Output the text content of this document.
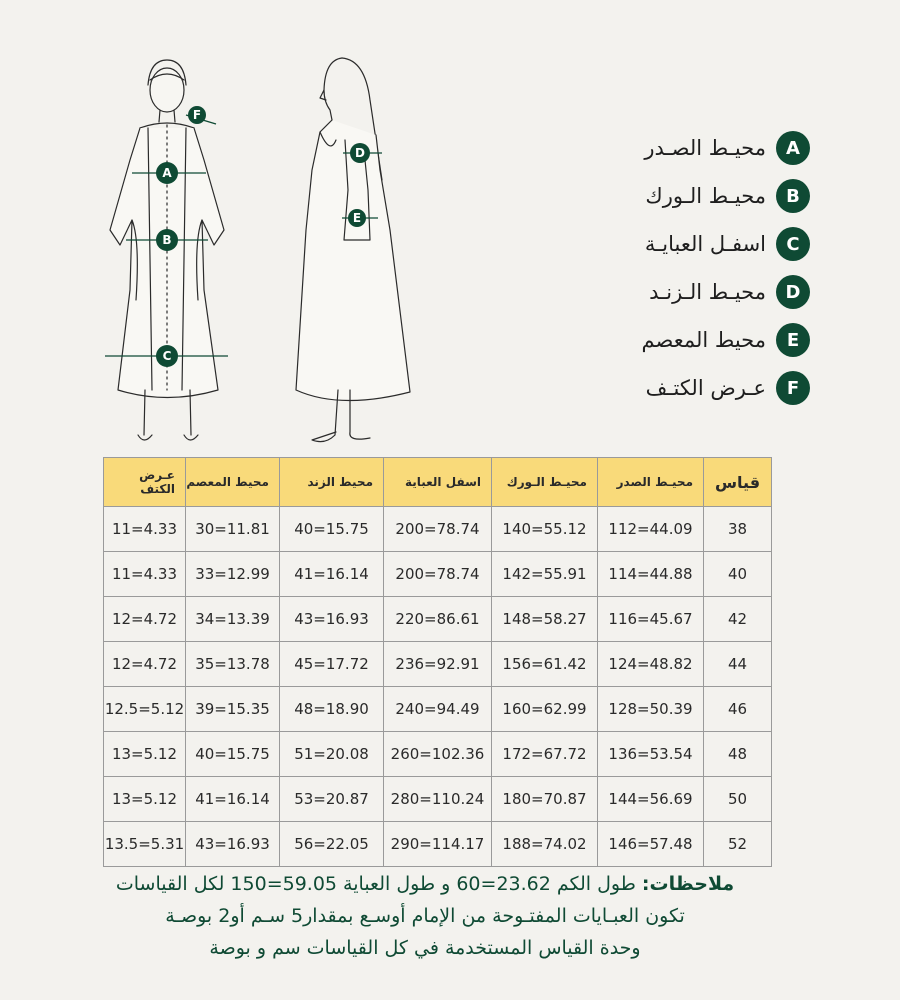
A
B
C
D
E
F
A
محيـط الصـدر
B
محيـط الـورك
C
اسفـل العبايـة
D
محيـط الـزنـد
E
محيط المعصم
F
عـرض الكتـف
قياس	محيـط الصدر	محيـط الـورك	اسفل العباية	محيط الزند	محيط المعصم	عـرض الكتف
38	112=44.09	140=55.12	200=78.74	40=15.75	30=11.81	11=4.33
40	114=44.88	142=55.91	200=78.74	41=16.14	33=12.99	11=4.33
42	116=45.67	148=58.27	220=86.61	43=16.93	34=13.39	12=4.72
44	124=48.82	156=61.42	236=92.91	45=17.72	35=13.78	12=4.72
46	128=50.39	160=62.99	240=94.49	48=18.90	39=15.35	12.5=5.12
48	136=53.54	172=67.72	260=102.36	51=20.08	40=15.75	13=5.12
50	144=56.69	180=70.87	280=110.24	53=20.87	41=16.14	13=5.12
52	146=57.48	188=74.02	290=114.17	56=22.05	43=16.93	13.5=5.31
ملاحظات: طول الكم 23.62=60 و طول العباية 59.05=150 لكل القياسات
تكون العبـايات المفتـوحة من الإمام أوسـع بمقدار5 سـم أو2 بوصـة
وحدة القياس المستخدمة في كل القياسات سم و بوصة
